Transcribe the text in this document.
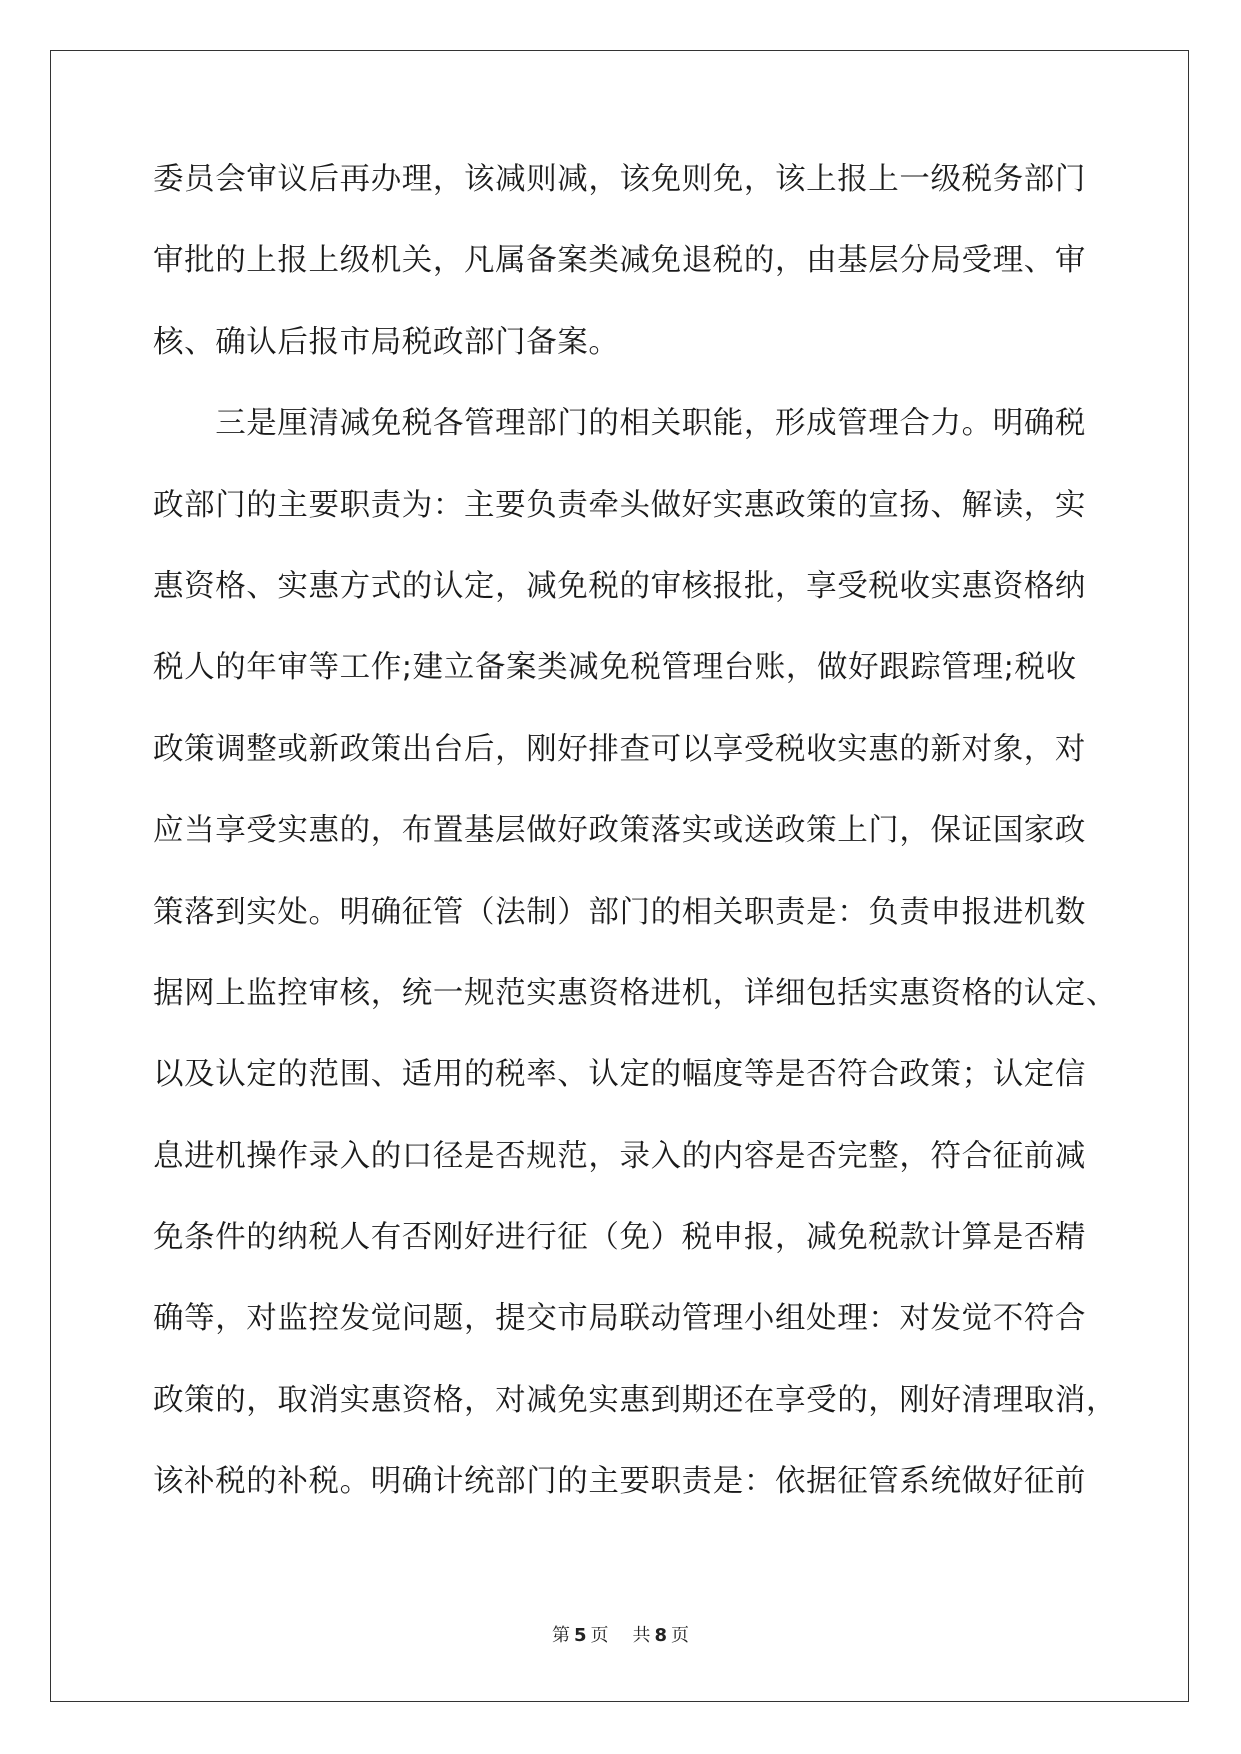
委员会审议后再办理，该减则减，该免则免，该上报上一级税务部门
审批的上报上级机关，凡属备案类减免退税的，由基层分局受理、审
核、确认后报市局税政部门备案。
　　三是厘清减免税各管理部门的相关职能，形成管理合力。明确税
政部门的主要职责为：主要负责牵头做好实惠政策的宣扬、解读，实
惠资格、实惠方式的认定，减免税的审核报批，享受税收实惠资格纳
税人的年审等工作;建立备案类减免税管理台账，做好跟踪管理;税收
政策调整或新政策出台后，刚好排查可以享受税收实惠的新对象，对
应当享受实惠的，布置基层做好政策落实或送政策上门，保证国家政
策落到实处。明确征管（法制）部门的相关职责是：负责申报进机数
据网上监控审核，统一规范实惠资格进机，详细包括实惠资格的认定、
以及认定的范围、适用的税率、认定的幅度等是否符合政策；认定信
息进机操作录入的口径是否规范，录入的内容是否完整，符合征前减
免条件的纳税人有否刚好进行征（免）税申报，减免税款计算是否精
确等，对监控发觉问题，提交市局联动管理小组处理：对发觉不符合
政策的，取消实惠资格，对减免实惠到期还在享受的，刚好清理取消，
该补税的补税。明确计统部门的主要职责是：依据征管系统做好征前
第 5 页 共 8 页
